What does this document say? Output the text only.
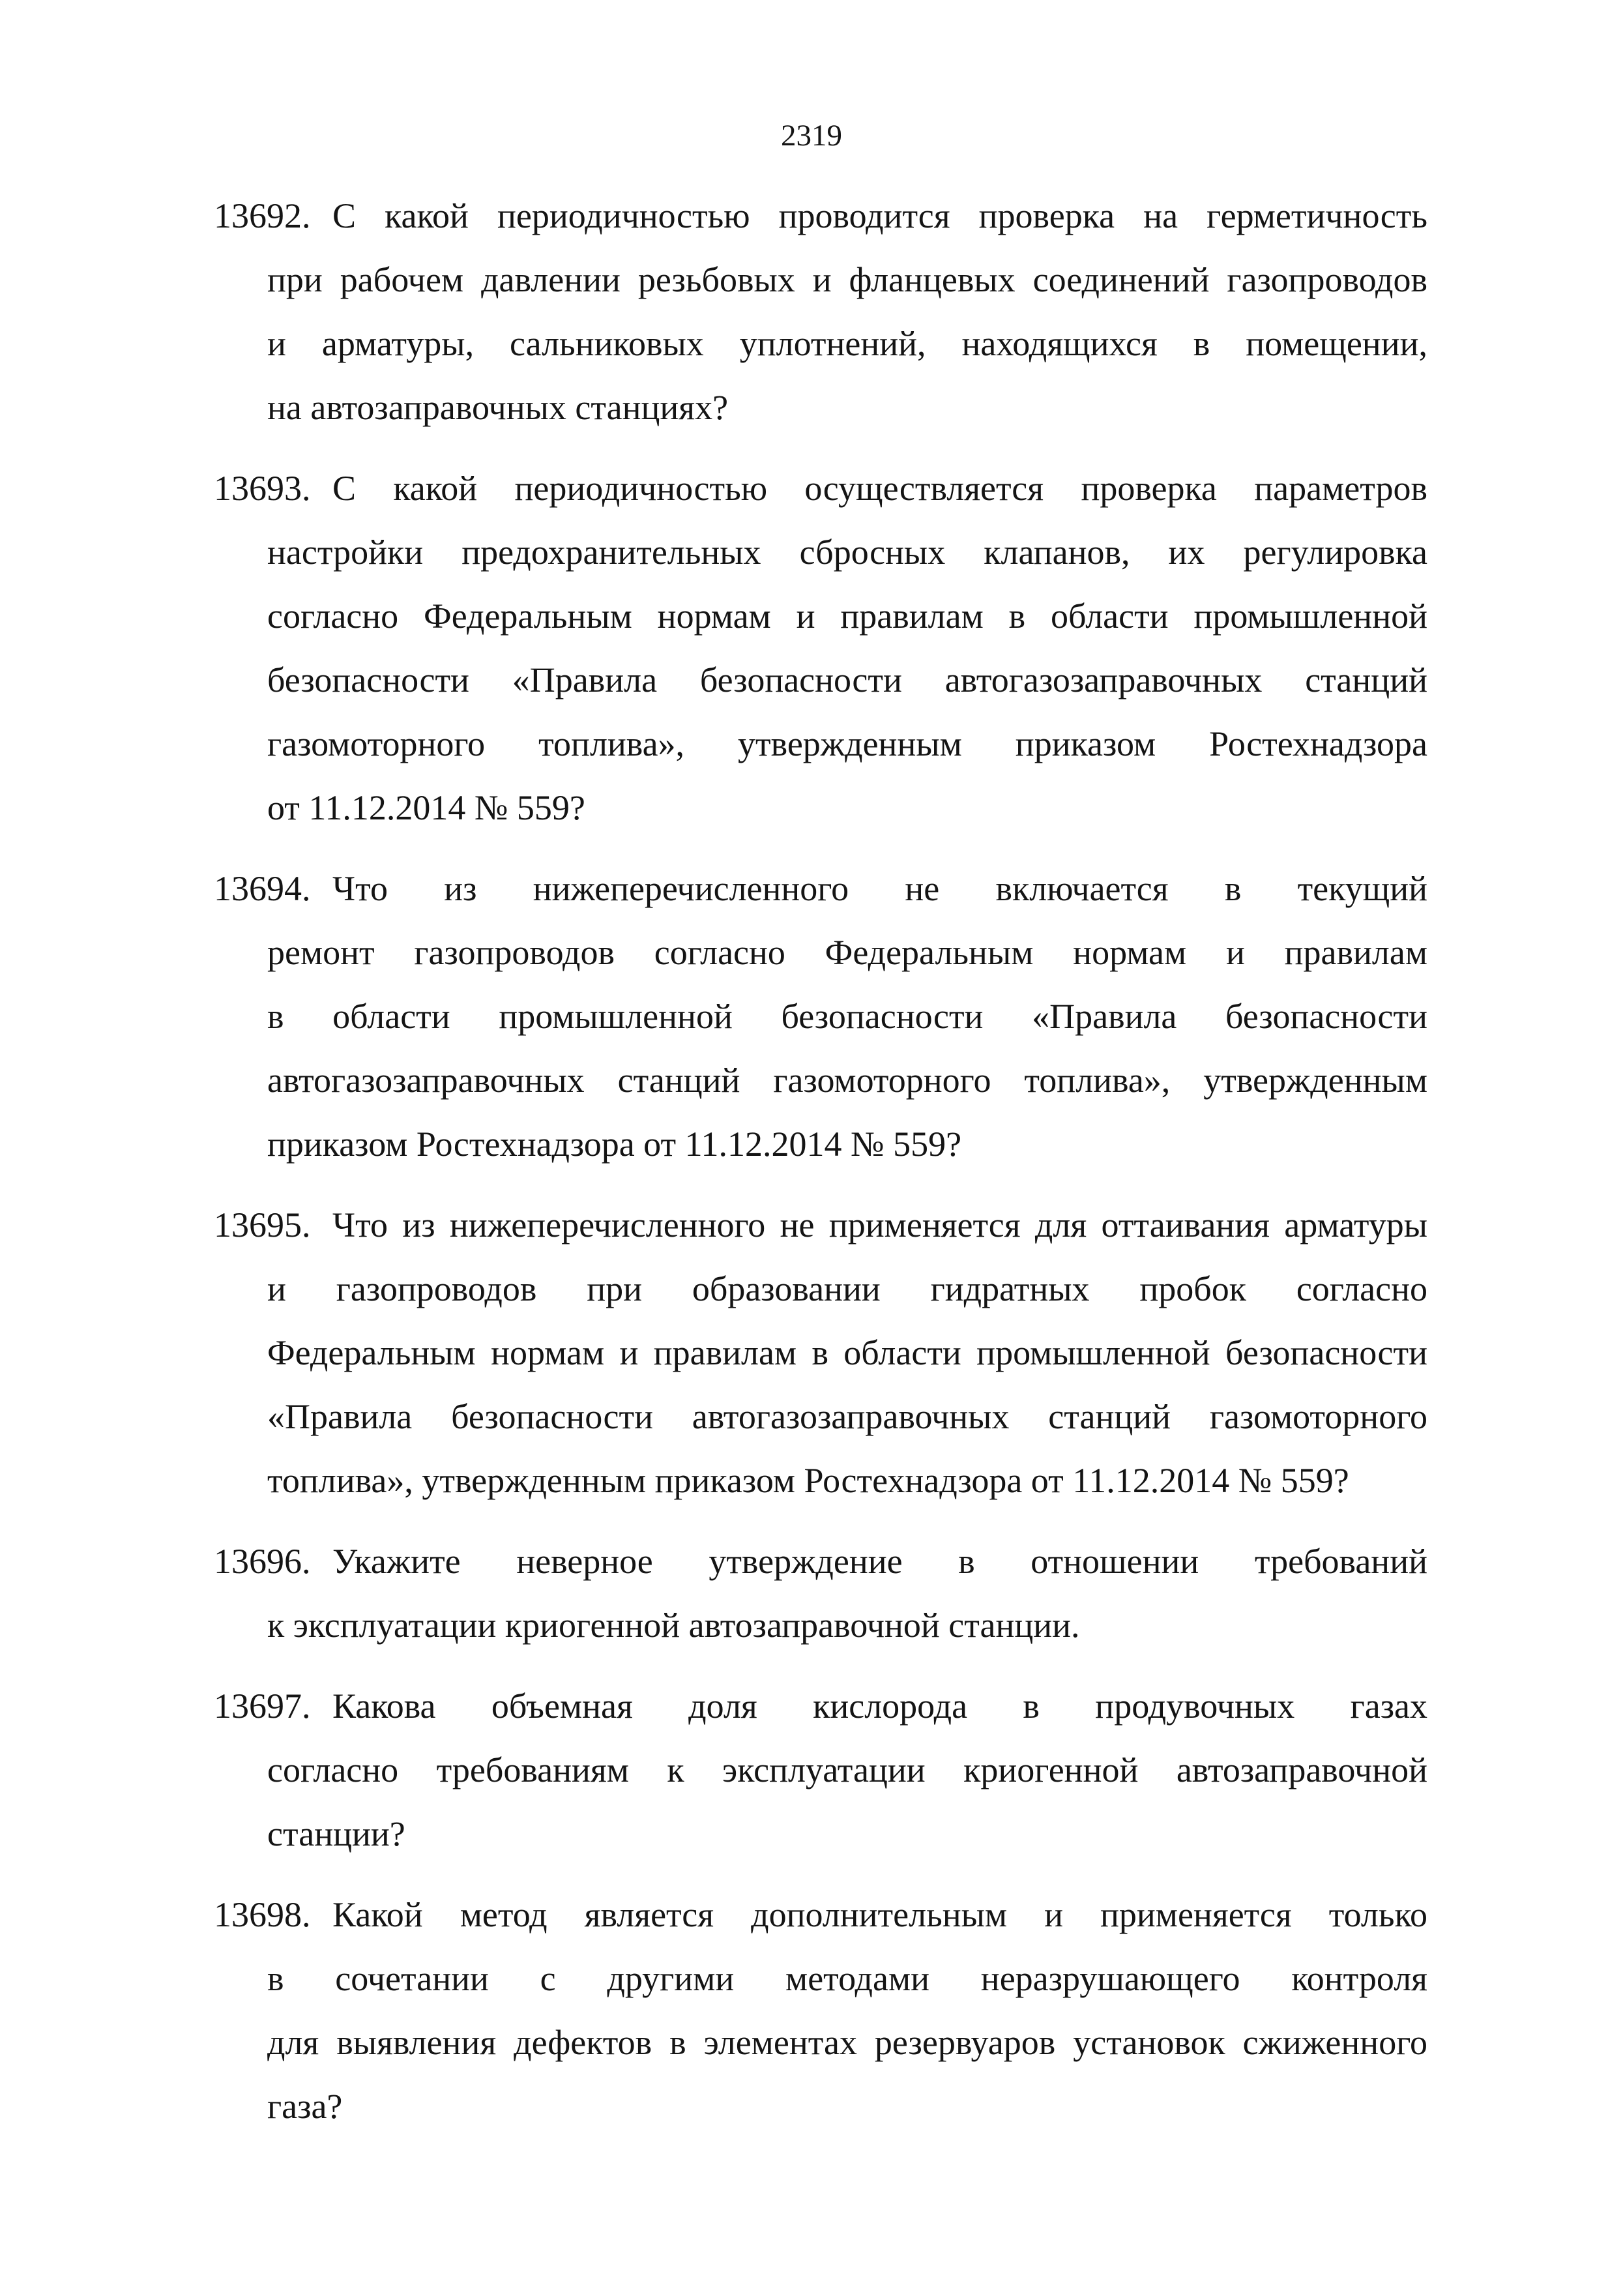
2319
13692. С какой периодичностью проводится проверка на герметичность
при рабочем давлении резьбовых и фланцевых соединений газопроводов
и арматуры, сальниковых уплотнений, находящихся в помещении,
на автозаправочных станциях?
13693. С какой периодичностью осуществляется проверка параметров
настройки предохранительных сбросных клапанов, их регулировка
согласно Федеральным нормам и правилам в области промышленной
безопасности «Правила безопасности автогазозаправочных станций
газомоторного топлива», утвержденным приказом Ростехнадзора
от 11.12.2014 № 559?
13694. Что из нижеперечисленного не включается в текущий
ремонт газопроводов согласно Федеральным нормам и правилам
в области промышленной безопасности «Правила безопасности
автогазозаправочных станций газомоторного топлива», утвержденным
приказом Ростехнадзора от 11.12.2014 № 559?
13695. Что из нижеперечисленного не применяется для оттаивания арматуры
и газопроводов при образовании гидратных пробок согласно
Федеральным нормам и правилам в области промышленной безопасности
«Правила безопасности автогазозаправочных станций газомоторного
топлива», утвержденным приказом Ростехнадзора от 11.12.2014 № 559?
13696. Укажите неверное утверждение в отношении требований
к эксплуатации криогенной автозаправочной станции.
13697. Какова объемная доля кислорода в продувочных газах
согласно требованиям к эксплуатации криогенной автозаправочной
станции?
13698. Какой метод является дополнительным и применяется только
в сочетании с другими методами неразрушающего контроля
для выявления дефектов в элементах резервуаров установок сжиженного
газа?
